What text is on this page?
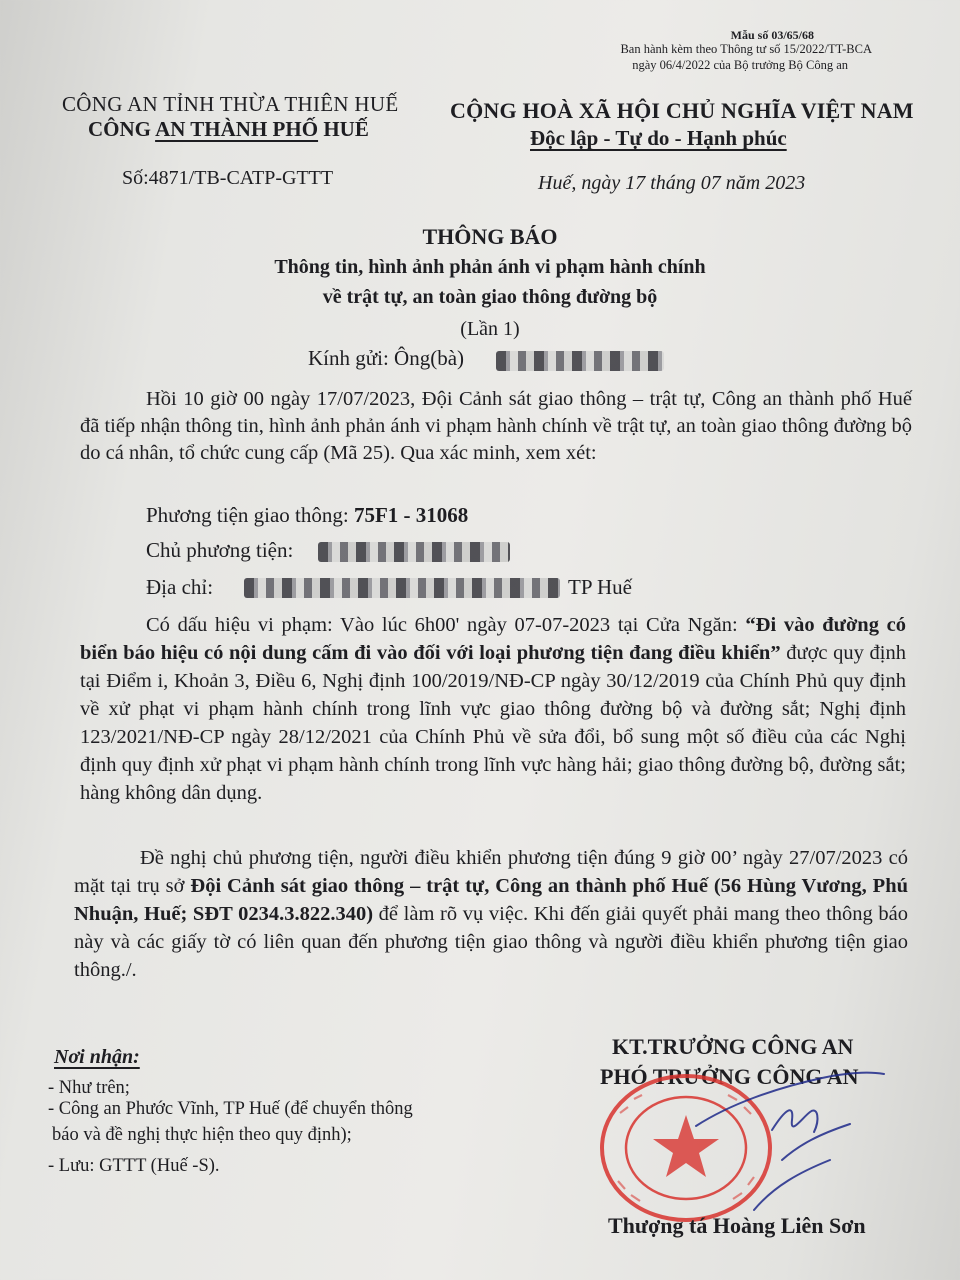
Mẫu số 03/65/68
Ban hành kèm theo Thông tư số 15/2022/TT-BCA
ngày 06/4/2022 của Bộ trưởng Bộ Công an
CÔNG AN TỈNH THỪA THIÊN HUẾ
CÔNG AN THÀNH PHỐ HUẾ
CỘNG HOÀ XÃ HỘI CHỦ NGHĨA VIỆT NAM
Độc lập - Tự do - Hạnh phúc
Số:4871/TB-CATP-GTTT	Huế, ngày 17 tháng 07 năm 2023
THÔNG BÁO
Thông tin, hình ảnh phản ánh vi phạm hành chính
về trật tự, an toàn giao thông đường bộ
(Lần 1)
Kính gửi: Ông(bà)
Hồi 10 giờ 00 ngày 17/07/2023, Đội Cảnh sát giao thông – trật tự, Công an thành phố Huế đã tiếp nhận thông tin, hình ảnh phản ánh vi phạm hành chính về trật tự, an toàn giao thông đường bộ do cá nhân, tổ chức cung cấp (Mã 25). Qua xác minh, xem xét:
Phương tiện giao thông: 75F1 - 31068
Chủ phương tiện:
Địa chỉ:	TP Huế
Có dấu hiệu vi phạm: Vào lúc 6h00' ngày 07-07-2023 tại Cửa Ngăn: “Đi vào đường có biển báo hiệu có nội dung cấm đi vào đối với loại phương tiện đang điều khiển” được quy định tại Điểm i, Khoản 3, Điều 6, Nghị định 100/2019/NĐ-CP ngày 30/12/2019 của Chính Phủ quy định về xử phạt vi phạm hành chính trong lĩnh vực giao thông đường bộ và đường sắt; Nghị định 123/2021/NĐ-CP ngày 28/12/2021 của Chính Phủ về sửa đổi, bổ sung một số điều của các Nghị định quy định xử phạt vi phạm hành chính trong lĩnh vực hàng hải; giao thông đường bộ, đường sắt; hàng không dân dụng.
Đề nghị chủ phương tiện, người điều khiển phương tiện đúng 9 giờ 00’ ngày 27/07/2023 có mặt tại trụ sở Đội Cảnh sát giao thông – trật tự, Công an thành phố Huế (56 Hùng Vương, Phú Nhuận, Huế; SĐT 0234.3.822.340) để làm rõ vụ việc. Khi đến giải quyết phải mang theo thông báo này và các giấy tờ có liên quan đến phương tiện giao thông và người điều khiển phương tiện giao thông./.
Nơi nhận:
- Như trên;
- Công an Phước Vĩnh, TP Huế (để chuyển thông
báo và đề nghị thực hiện theo quy định);
- Lưu: GTTT (Huế -S).
KT.TRƯỞNG CÔNG AN
PHÓ TRƯỞNG CÔNG AN
Thượng tá Hoàng Liên Sơn
